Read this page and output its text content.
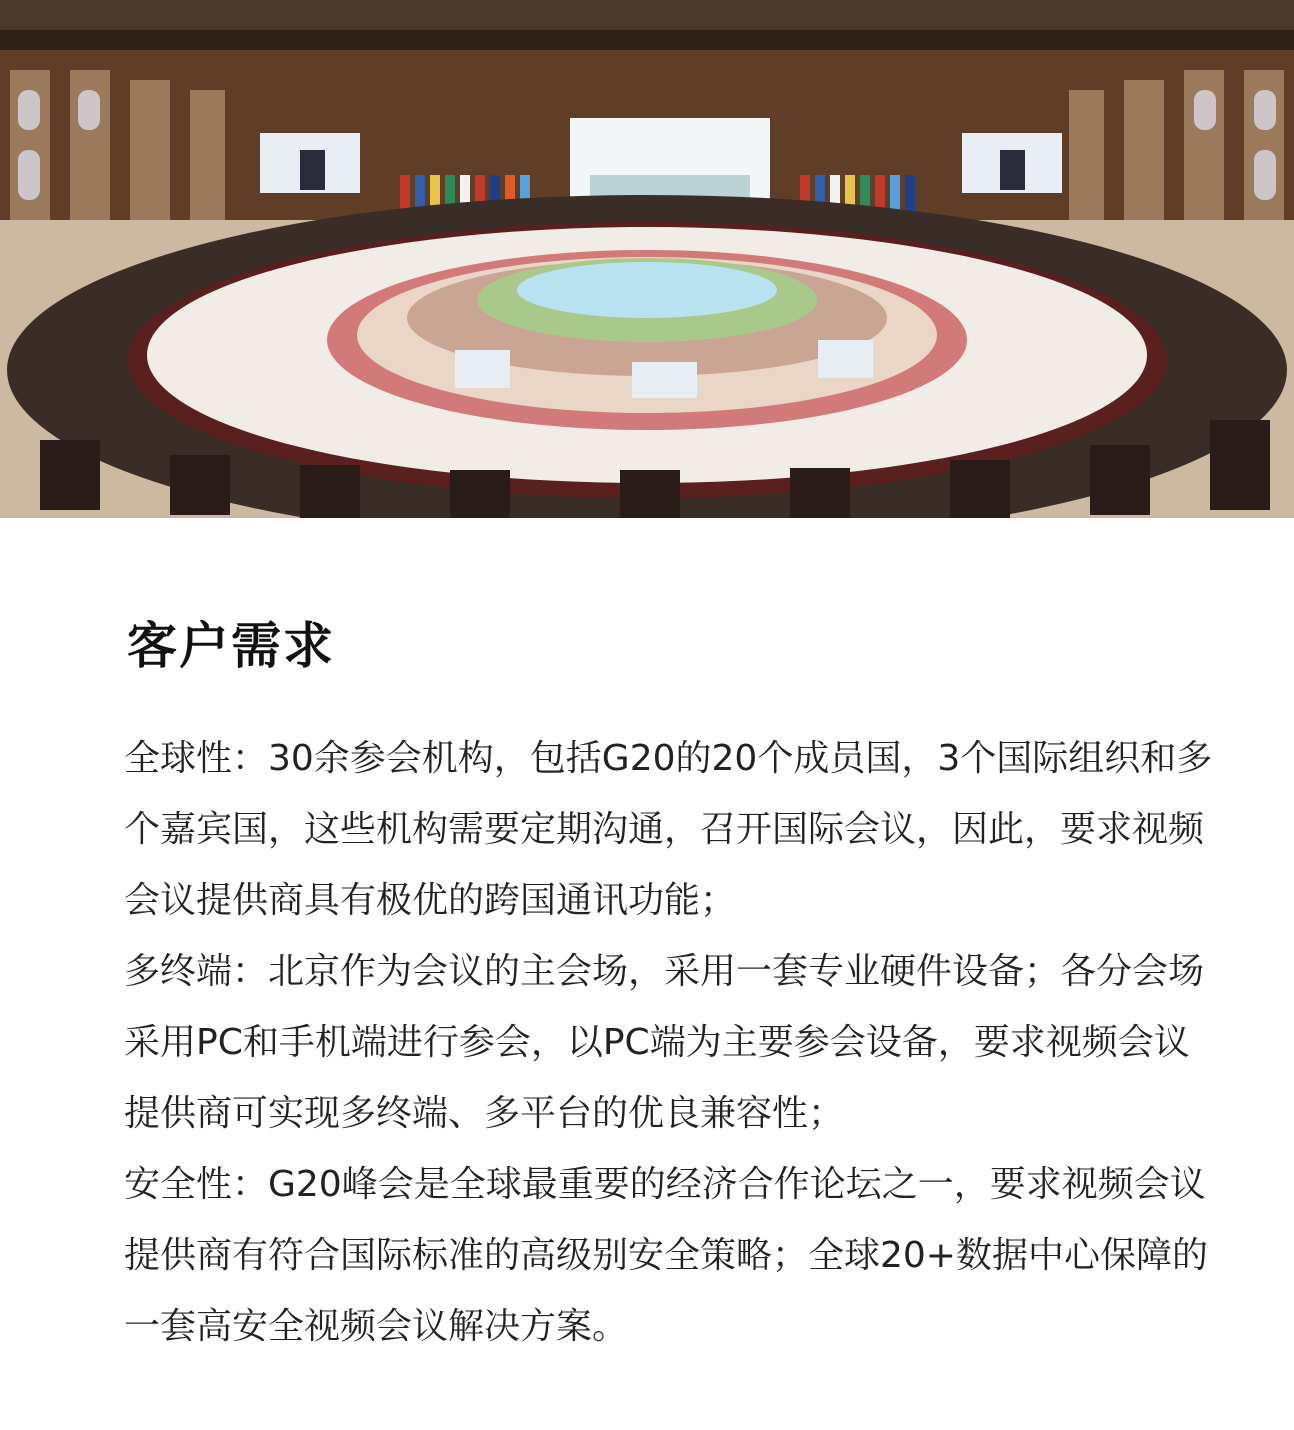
客户需求

全球性：30余参会机构，包括G20的20个成员国，3个国际组织和多个嘉宾国，这些机构需要定期沟通，召开国际会议，因此，要求视频会议提供商具有极优的跨国通讯功能；

多终端：北京作为会议的主会场，采用一套专业硬件设备；各分会场采用PC和手机端进行参会，以PC端为主要参会设备，要求视频会议提供商可实现多终端、多平台的优良兼容性；

安全性：G20峰会是全球最重要的经济合作论坛之一，要求视频会议提供商有符合国际标准的高级别安全策略；全球20+数据中心保障的一套高安全视频会议解决方案。
